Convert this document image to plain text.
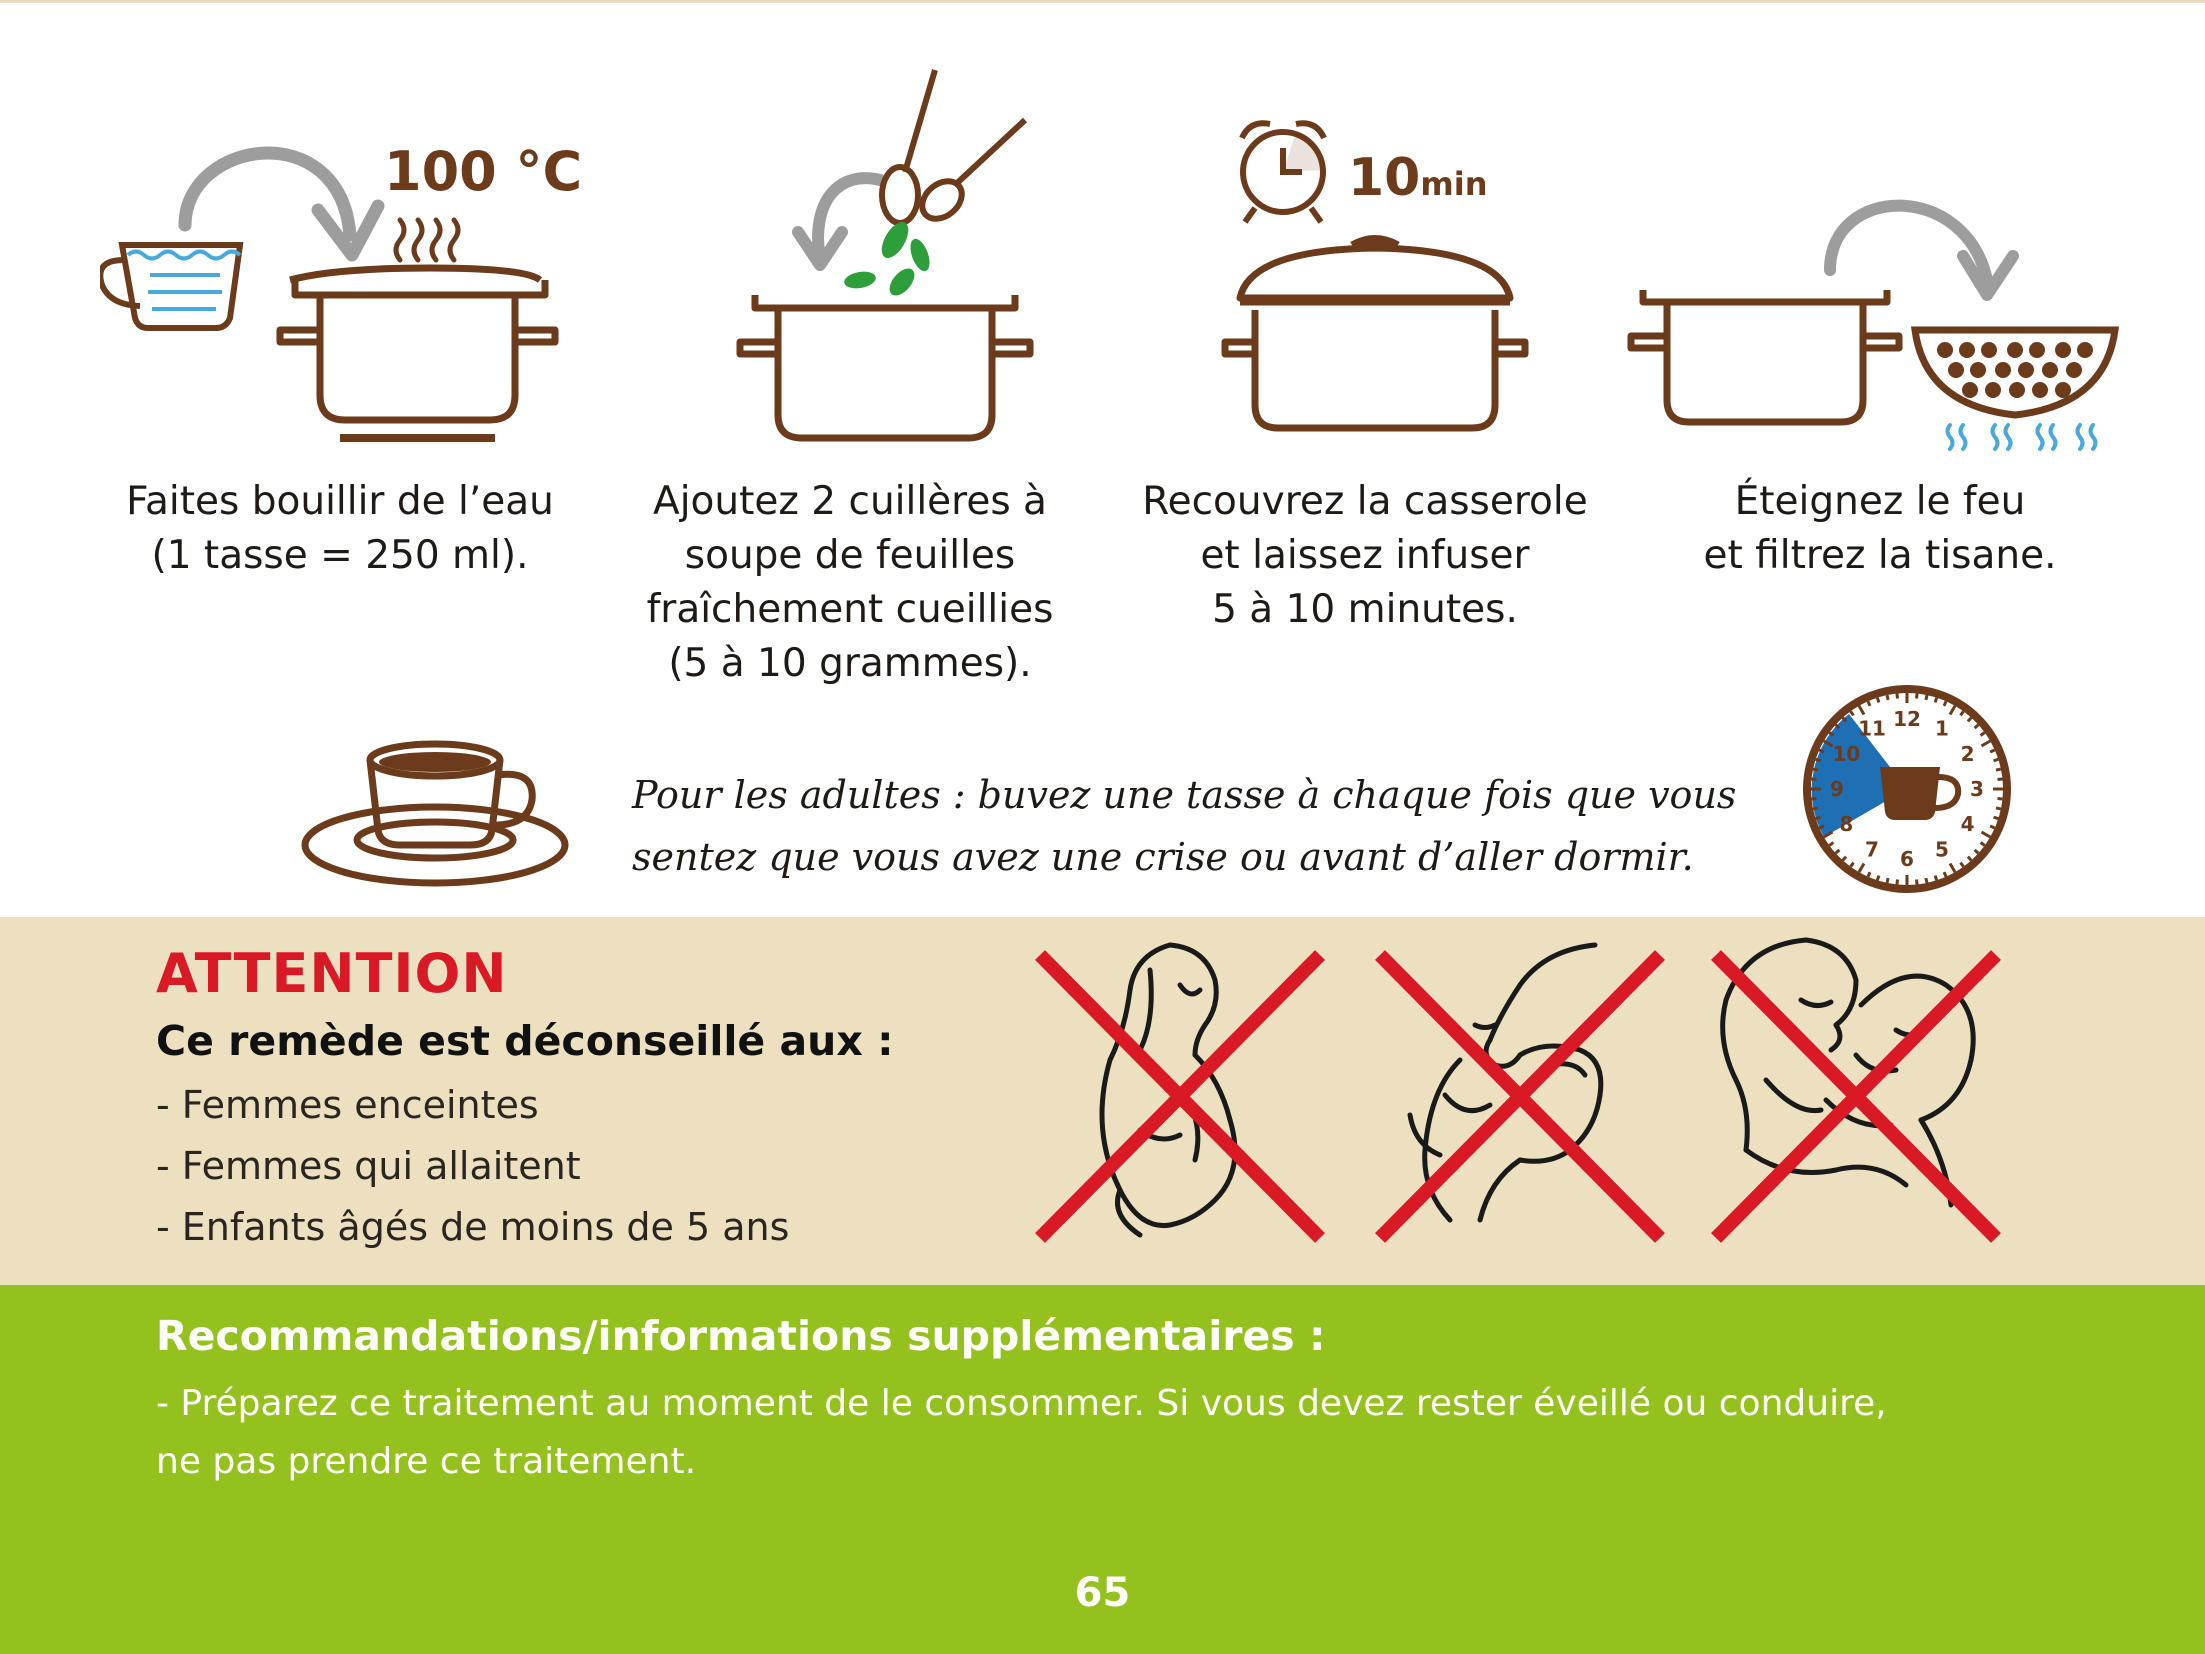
100 °C
Faites bouillir de l’eau
(1 tasse = 250 ml).
Ajoutez 2 cuillères à
soupe de feuilles
fraîchement cueillies
(5 à 10 grammes).
10min
Recouvrez la casserole
et laissez infuser
5 à 10 minutes.
Éteignez le feu
et filtrez la tisane.
Pour les adultes : buvez une tasse à chaque fois que vous
sentez que vous avez une crise ou avant d’aller dormir.
12 1
2
3
4
5
6
7
8
9
10
11
ATTENTION
Ce remède est déconseillé aux :
- Femmes enceintes
- Femmes qui allaitent
- Enfants âgés de moins de 5 ans
Recommandations/informations supplémentaires :
- Préparez ce traitement au moment de le consommer. Si vous devez rester éveillé ou conduire,
ne pas prendre ce traitement.
65
